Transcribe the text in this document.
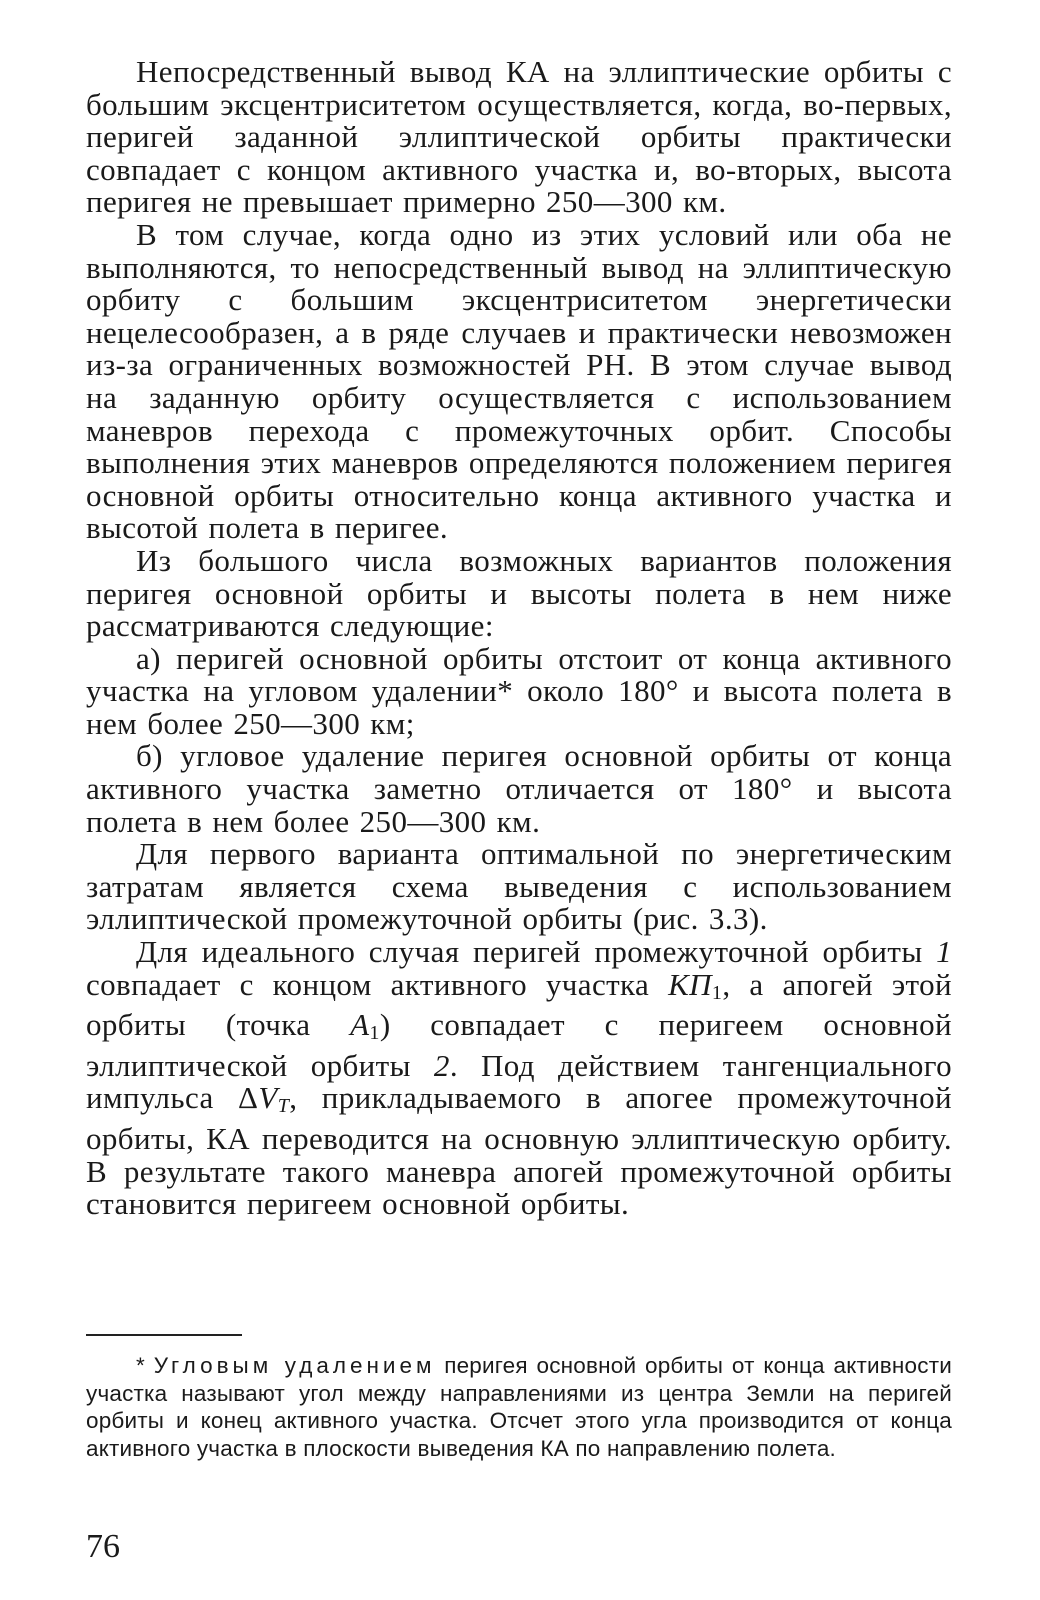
Непосредственный вывод КА на эллиптические орбиты с большим эксцентриситетом осуществляется, когда, во-первых, перигей заданной эллиптической орбиты практически совпадает с концом активного участка и, во-вторых, высота перигея не превышает примерно 250—300 км.

В том случае, когда одно из этих условий или оба не выполняются, то непосредственный вывод на эллиптическую орбиту с большим эксцентриситетом энергетически нецелесообразен, а в ряде случаев и практически невозможен из-за ограниченных возможностей РН. В этом случае вывод на заданную орбиту осуществляется с использованием маневров перехода с промежуточных орбит. Способы выполнения этих маневров определяются положением перигея основной орбиты относительно конца активного участка и высотой полета в перигее.

Из большого числа возможных вариантов положения перигея основной орбиты и высоты полета в нем ниже рассматриваются следующие:

а) перигей основной орбиты отстоит от конца активного участка на угловом удалении* около 180° и высота полета в нем более 250—300 км;

б) угловое удаление перигея основной орбиты от конца активного участка заметно отличается от 180° и высота полета в нем более 250—300 км.

Для первого варианта оптимальной по энергетическим затратам является схема выведения с использованием эллиптической промежуточной орбиты (рис. 3.3).

Для идеального случая перигей промежуточной орбиты 1 совпадает с концом активного участка $КП_1$, а апогей этой орбиты (точка $А_1$) совпадает с перигеем основной эллиптической орбиты 2. Под действием тангенциального импульса $\Delta V_T$, прикладываемого в апогее промежуточной орбиты, КА переводится на основную эллиптическую орбиту. В результате такого маневра апогей промежуточной орбиты становится перигеем основной орбиты.

* Угловым удалением перигея основной орбиты от конца активности участка называют угол между направлениями из центра Земли на перигей орбиты и конец активного участка. Отсчет этого угла производится от конца активного участка в плоскости выведения КА по направлению полета.

76
